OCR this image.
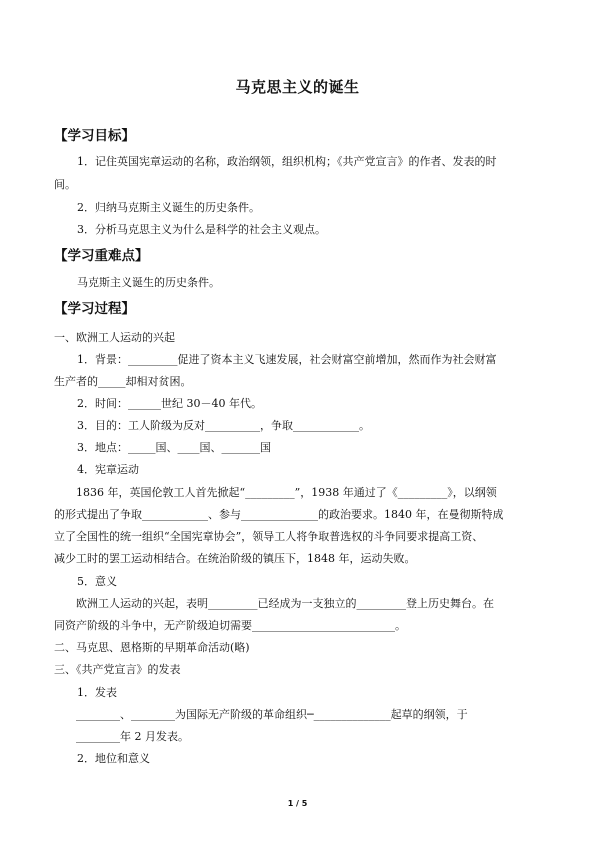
马克思主义的诞生
【学习目标】
1．记住英国宪章运动的名称，政治纲领，组织机构；《共产党宣言》的作者、发表的时
间。
2．归纳马克斯主义诞生的历史条件。
3．分析马克思主义为什么是科学的社会主义观点。
【学习重难点】
马克斯主义诞生的历史条件。
【学习过程】
一、欧洲工人运动的兴起
1．背景：_________促进了资本主义飞速发展，社会财富空前增加，然而作为社会财富
生产者的_____却相对贫困。
2．时间：______世纪 30－40 年代。
3．目的：工人阶级为反对__________，争取____________。
3．地点：_____国、____国、_______国
4．宪章运动
1836 年，英国伦敦工人首先掀起“_________”，1938 年通过了《_________》，以纲领
的形式提出了争取____________、参与______________的政治要求。1840 年，在曼彻斯特成
立了全国性的统一组织“全国宪章协会”，领导工人将争取普选权的斗争同要求提高工资、
减少工时的罢工运动相结合。在统治阶级的镇压下，1848 年，运动失败。
5．意义
欧洲工人运动的兴起，表明_________已经成为一支独立的_________登上历史舞台。在
同资产阶级的斗争中，无产阶级迫切需要__________________________。
二、马克思、恩格斯的早期革命活动(略)
三、《共产党宣言》的发表
1．发表
________、________为国际无产阶级的革命组织─______________起草的纲领，于
________年 2 月发表。
2．地位和意义
1 / 5
